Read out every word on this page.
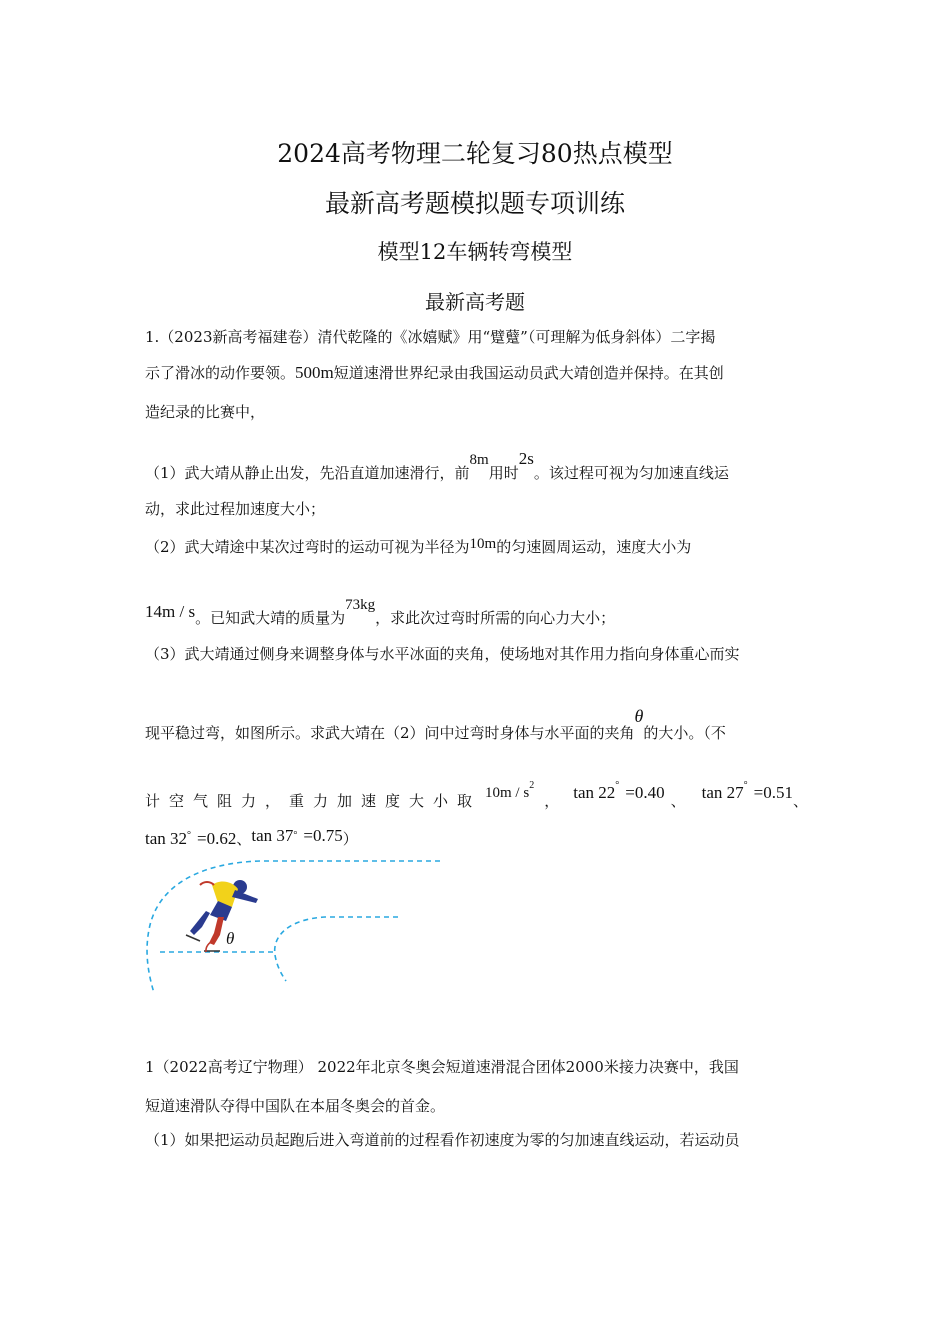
2024高考物理二轮复习80热点模型
最新高考题模拟题专项训练
模型12车辆转弯模型
最新高考题
1.（2023新高考福建卷）清代乾隆的《冰嬉赋》用“躄躠”（可理解为低身斜体）二字揭
示了滑冰的动作要领。500m短道速滑世界纪录由我国运动员武大靖创造并保持。在其创
造纪录的比赛中，
（1）武大靖从静止出发，先沿直道加速滑行，前8m用时2s。该过程可视为匀加速直线运
动，求此过程加速度大小；
（2）武大靖途中某次过弯时的运动可视为半径为10m的匀速圆周运动，速度大小为
14m / s。已知武大靖的质量为73kg，求此次过弯时所需的向心力大小；
（3）武大靖通过侧身来调整身体与水平冰面的夹角，使场地对其作用力指向身体重心而实
现平稳过弯，如图所示。求武大靖在（2）问中过弯时身体与水平面的夹角θ的大小。（不
计空气阻力，重力加速度大小取 $10m / s^2$， tan 22° =0.40 、 tan 27° =0.51、
tan 32° =0.62、tan 37° =0.75）
θ
1（2022高考辽宁物理） 2022年北京冬奥会短道速滑混合团体2000米接力决赛中，我国
短道速滑队夺得中国队在本届冬奥会的首金。
（1）如果把运动员起跑后进入弯道前的过程看作初速度为零的匀加速直线运动，若运动员
